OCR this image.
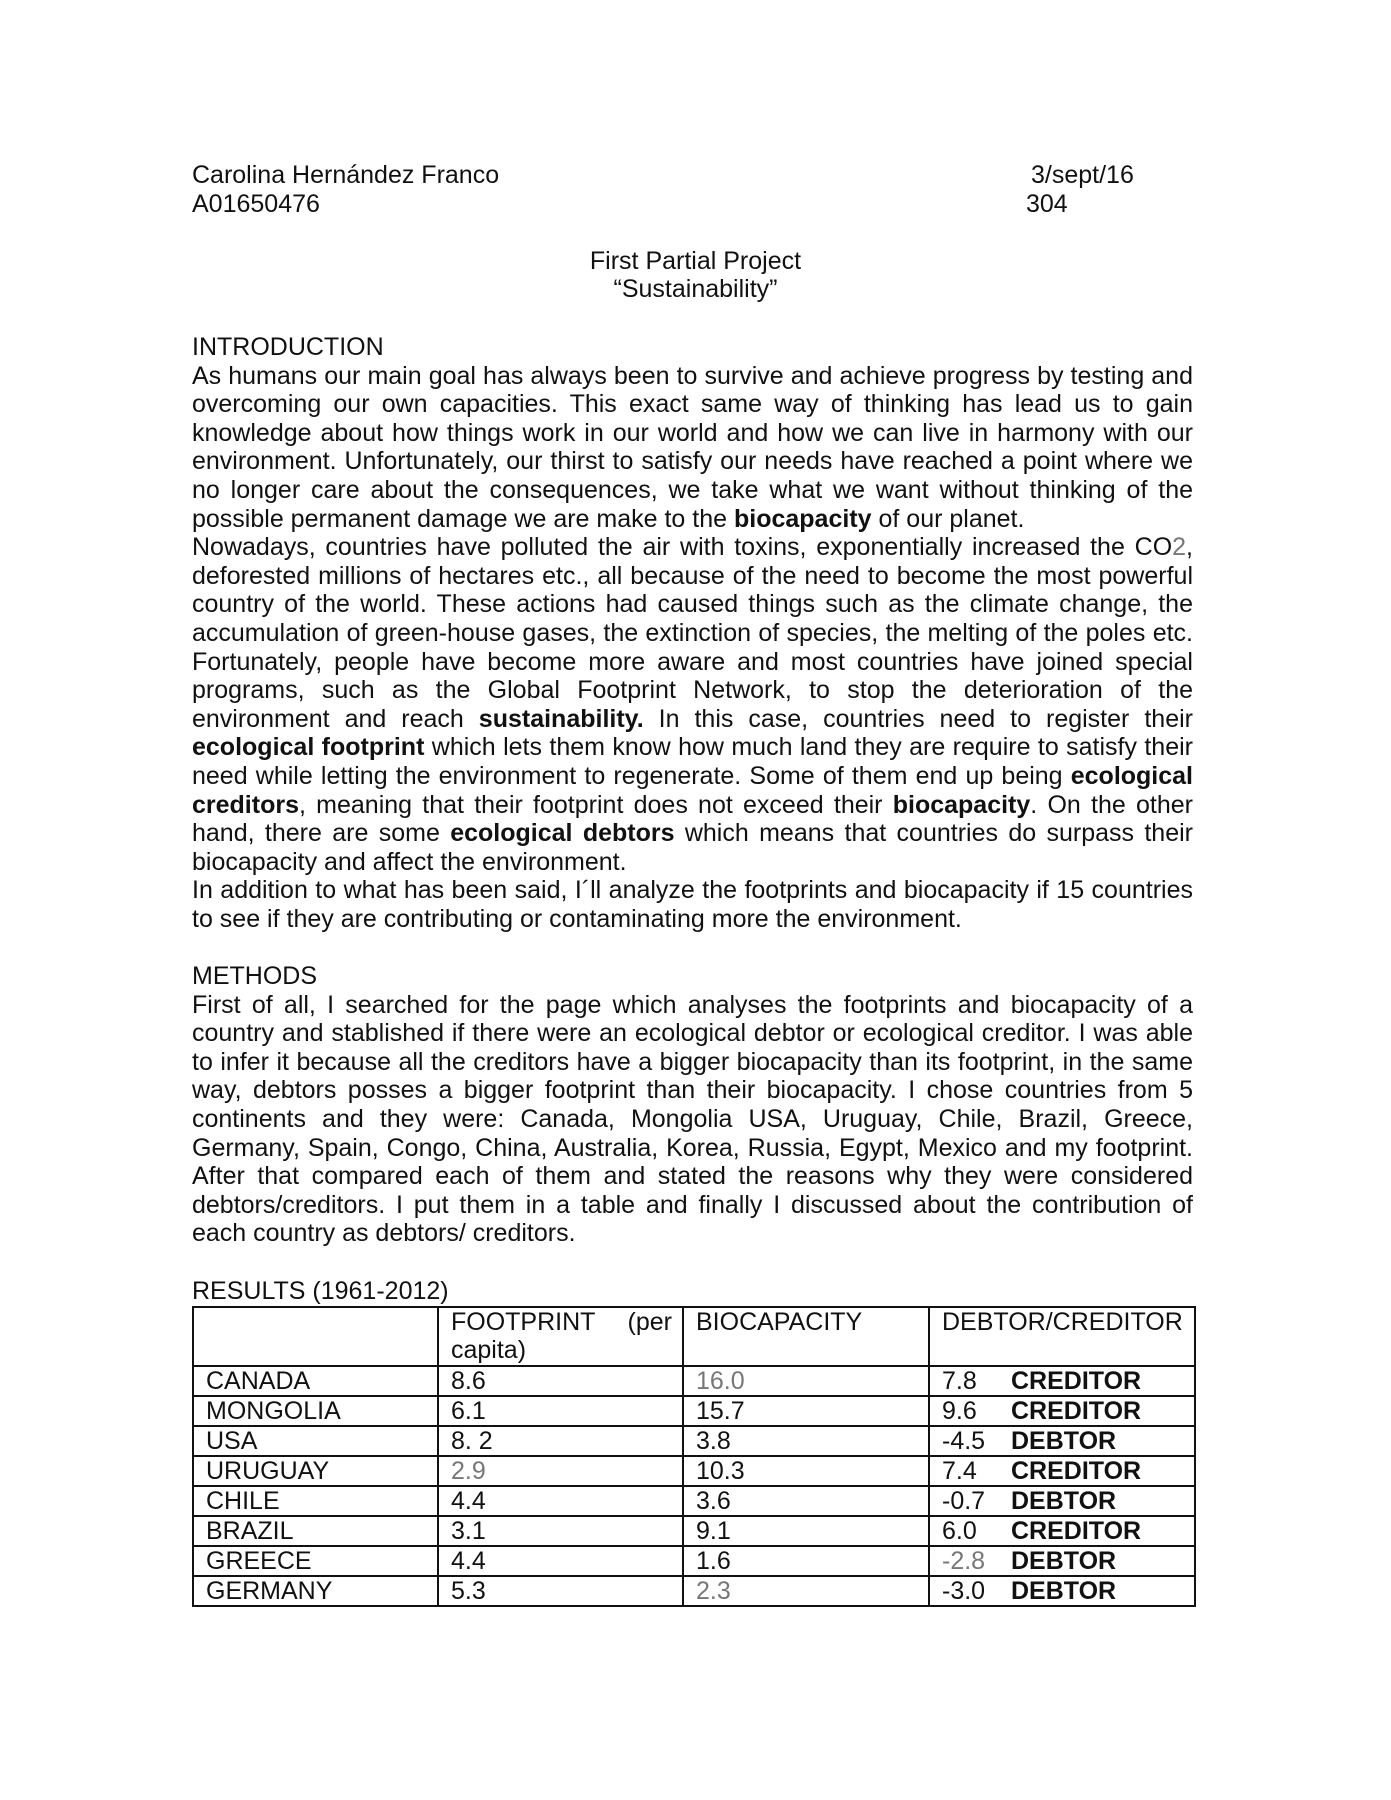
Carolina Hernández Franco
A01650476
3/sept/16
304
First Partial Project
“Sustainability”
INTRODUCTION

As humans our main goal has always been to survive and achieve progress by testing and overcoming our own capacities. This exact same way of thinking has lead us to gain knowledge about how things work in our world and how we can live in harmony with our environment. Unfortunately, our thirst to satisfy our needs have reached a point where we no longer care about the consequences, we take what we want without thinking of the possible permanent damage we are make to the biocapacity of our planet.

Nowadays, countries have polluted the air with toxins, exponentially increased the CO2, deforested millions of hectares etc., all because of the need to become the most powerful country of the world. These actions had caused things such as the climate change, the accumulation of green-house gases, the extinction of species, the melting of the poles etc. Fortunately, people have become more aware and most countries have joined special programs, such as the Global Footprint Network, to stop the deterioration of the environment and reach sustainability. In this case, countries need to register their ecological footprint which lets them know how much land they are require to satisfy their need while letting the environment to regenerate. Some of them end up being ecological creditors, meaning that their footprint does not exceed their biocapacity. On the other hand, there are some ecological debtors which means that countries do surpass their biocapacity and affect the environment.

In addition to what has been said, I´ll analyze the footprints and biocapacity if 15 countries to see if they are contributing or contaminating more the environment.

METHODS

First of all, I searched for the page which analyses the footprints and biocapacity of a country and stablished if there were an ecological debtor or ecological creditor. I was able to infer it because all the creditors have a bigger biocapacity than its footprint, in the same way, debtors posses a bigger footprint than their biocapacity. I chose countries from 5 continents and they were: Canada, Mongolia USA, Uruguay, Chile, Brazil, Greece, Germany, Spain, Congo, China, Australia, Korea, Russia, Egypt, Mexico and my footprint. After that compared each of them and stated the reasons why they were considered debtors/creditors. I put them in a table and finally I discussed about the contribution of each country as debtors/ creditors.

RESULTS (1961-2012)
	FOOTPRINT (per capita)	BIOCAPACITY	DEBTOR/CREDITOR
CANADA	8.6	16.0	7.8 CREDITOR
MONGOLIA	6.1	15.7	9.6 CREDITOR
USA	8. 2	3.8	-4.5 DEBTOR
URUGUAY	2.9	10.3	7.4 CREDITOR
CHILE	4.4	3.6	-0.7 DEBTOR
BRAZIL	3.1	9.1	6.0 CREDITOR
GREECE	4.4	1.6	-2.8 DEBTOR
GERMANY	5.3	2.3	-3.0 DEBTOR
